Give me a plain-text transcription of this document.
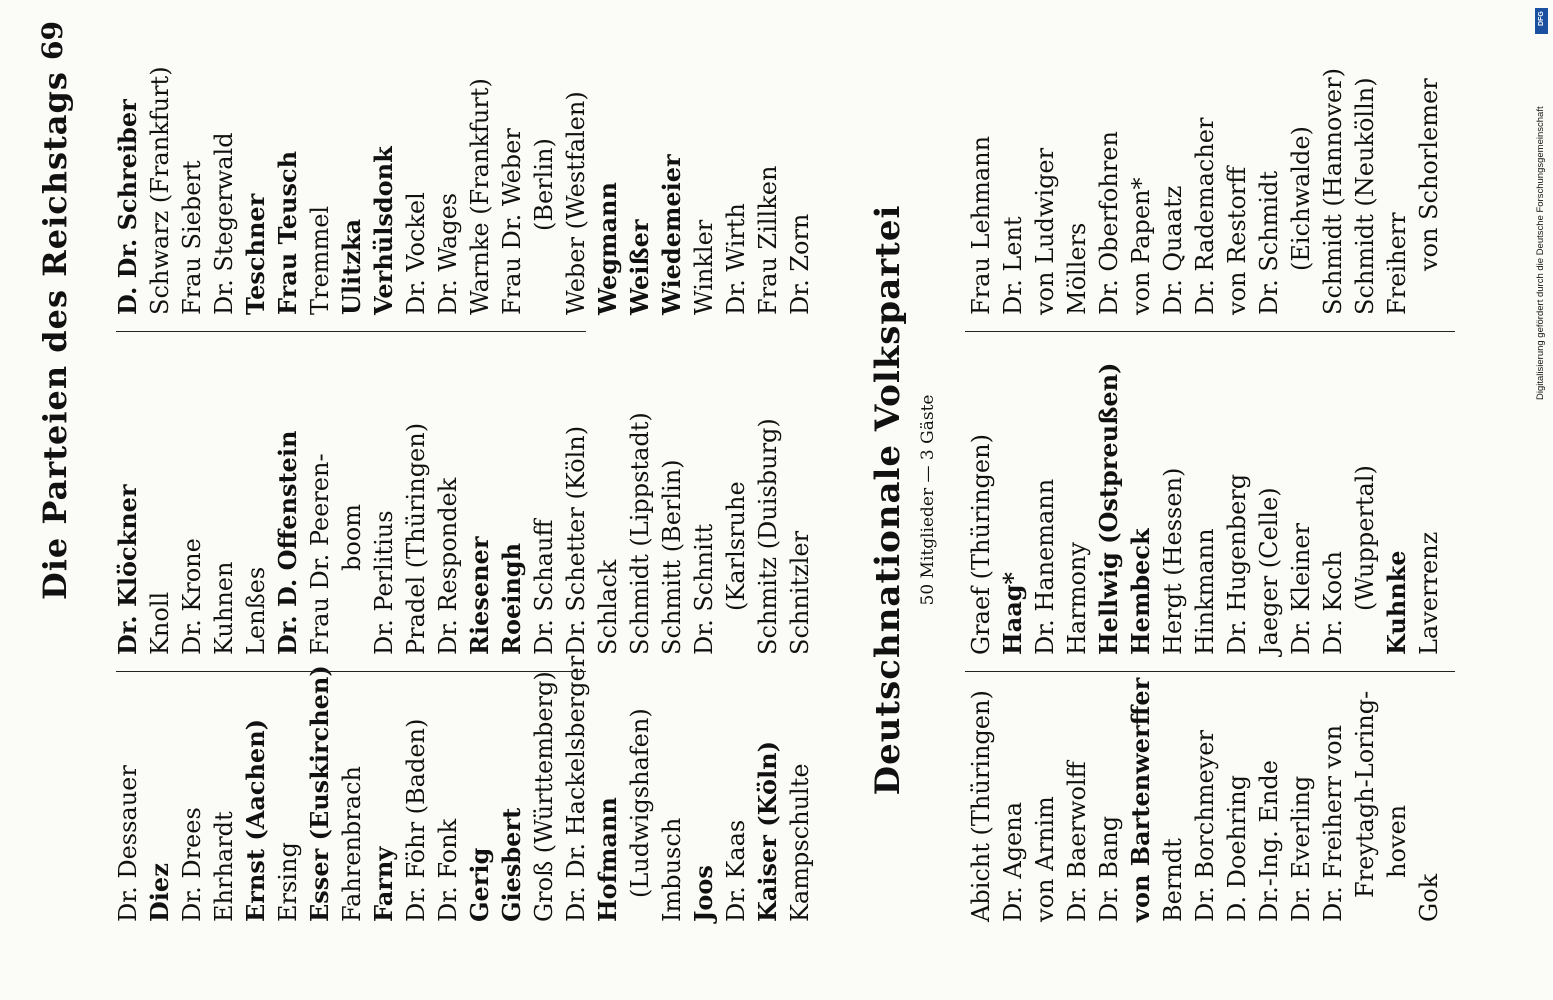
Die Parteien des Reichstags
69
Dr. Dessauer Diez Dr. Drees Ehrhardt Ernst (Aachen) Ersing Esser (Euskirchen) Fahrenbrach Farny Dr. Föhr (Baden) Dr. Fonk Gerig Giesbert Groß (Württemberg) Dr. Dr. Hackelsberger Hofmann (Ludwigshafen) Imbusch Joos Dr. Kaas Kaiser (Köln) Kampschulte
Dr. Klöckner Knoll Dr. Krone Kuhnen Lenßes Dr. D. Offenstein Frau Dr. Peeren- boom Dr. Perlitius Pradel (Thüringen) Dr. Respondek Riesener Roeingh Dr. Schauff Dr. Schetter (Köln) Schlack Schmidt (Lippstadt) Schmitt (Berlin) Dr. Schnitt (Karlsruhe Schmitz (Duisburg) Schnitzler
D. Dr. Schreiber Schwarz (Frankfurt) Frau Siebert Dr. Stegerwald Teschner Frau Teusch Tremmel Ulitzka Verhülsdonk Dr. Vockel Dr. Wages Warnke (Frankfurt) Frau Dr. Weber (Berlin) Weber (Westfalen) Wegmann Weißer Wiedemeier Winkler Dr. Wirth Frau Zillken Dr. Zorn Deutschnationale Volkspartei 50 Mitglieder — 3 Gäste
Abicht (Thüringen) Dr. Agena von Arnim Dr. Baerwolff Dr. Bang von Bartenwerffer Berndt Dr. Borchmeyer D. Doehring Dr.-Ing. Ende Dr. Everling Dr. Freiherr von Freytagh-Loring- hoven
Gok
Graef (Thüringen) Haag* Dr. Hanemann Harmony Hellwig (Ostpreußen) Hembeck Hergt (Hessen) Hinkmann Dr. Hugenberg Jaeger (Celle) Dr. Kleiner Dr. Koch (Wuppertal) Kuhnke Laverrenz
Frau Lehmann Dr. Lent von Ludwiger Möllers Dr. Oberfohren von Papen* Dr. Quaatz Dr. Rademacher von Restorff Dr. Schmidt (Eichwalde) Schmidt (Hannover) Schmidt (Neukölln) Freiherr von Schorlemer
DFG
Digitalisierung gefördert durch die Deutsche Forschungsgemeinschaft
